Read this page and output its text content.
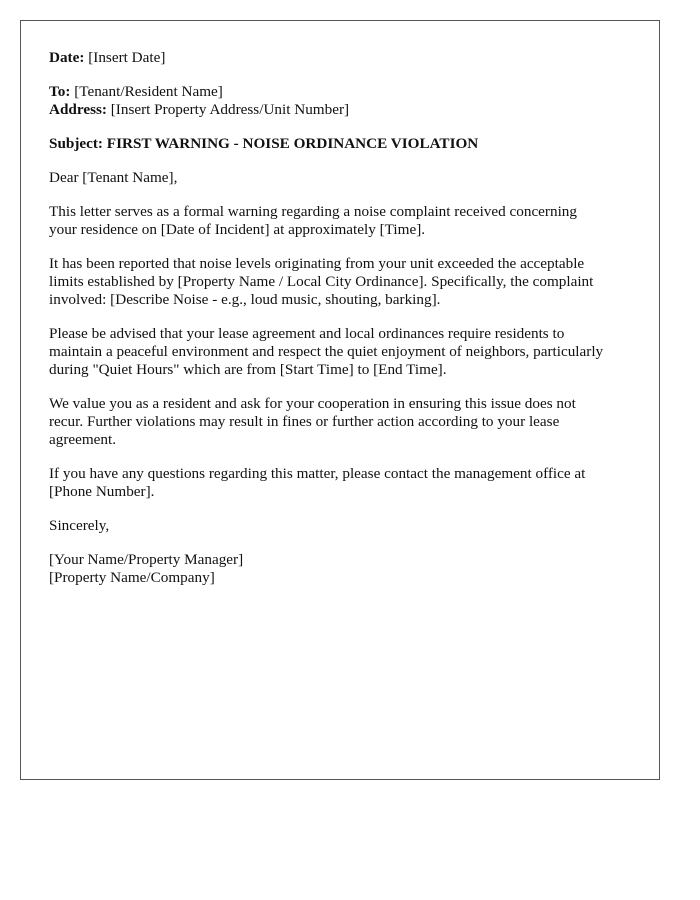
Date: [Insert Date]
To: [Tenant/Resident Name]
Address: [Insert Property Address/Unit Number]
Subject: FIRST WARNING - NOISE ORDINANCE VIOLATION
Dear [Tenant Name],
This letter serves as a formal warning regarding a noise complaint received concerning
your residence on [Date of Incident] at approximately [Time].
It has been reported that noise levels originating from your unit exceeded the acceptable
limits established by [Property Name / Local City Ordinance]. Specifically, the complaint
involved: [Describe Noise - e.g., loud music, shouting, barking].
Please be advised that your lease agreement and local ordinances require residents to
maintain a peaceful environment and respect the quiet enjoyment of neighbors, particularly
during "Quiet Hours" which are from [Start Time] to [End Time].
We value you as a resident and ask for your cooperation in ensuring this issue does not
recur. Further violations may result in fines or further action according to your lease
agreement.
If you have any questions regarding this matter, please contact the management office at
[Phone Number].
Sincerely,
[Your Name/Property Manager]
[Property Name/Company]
